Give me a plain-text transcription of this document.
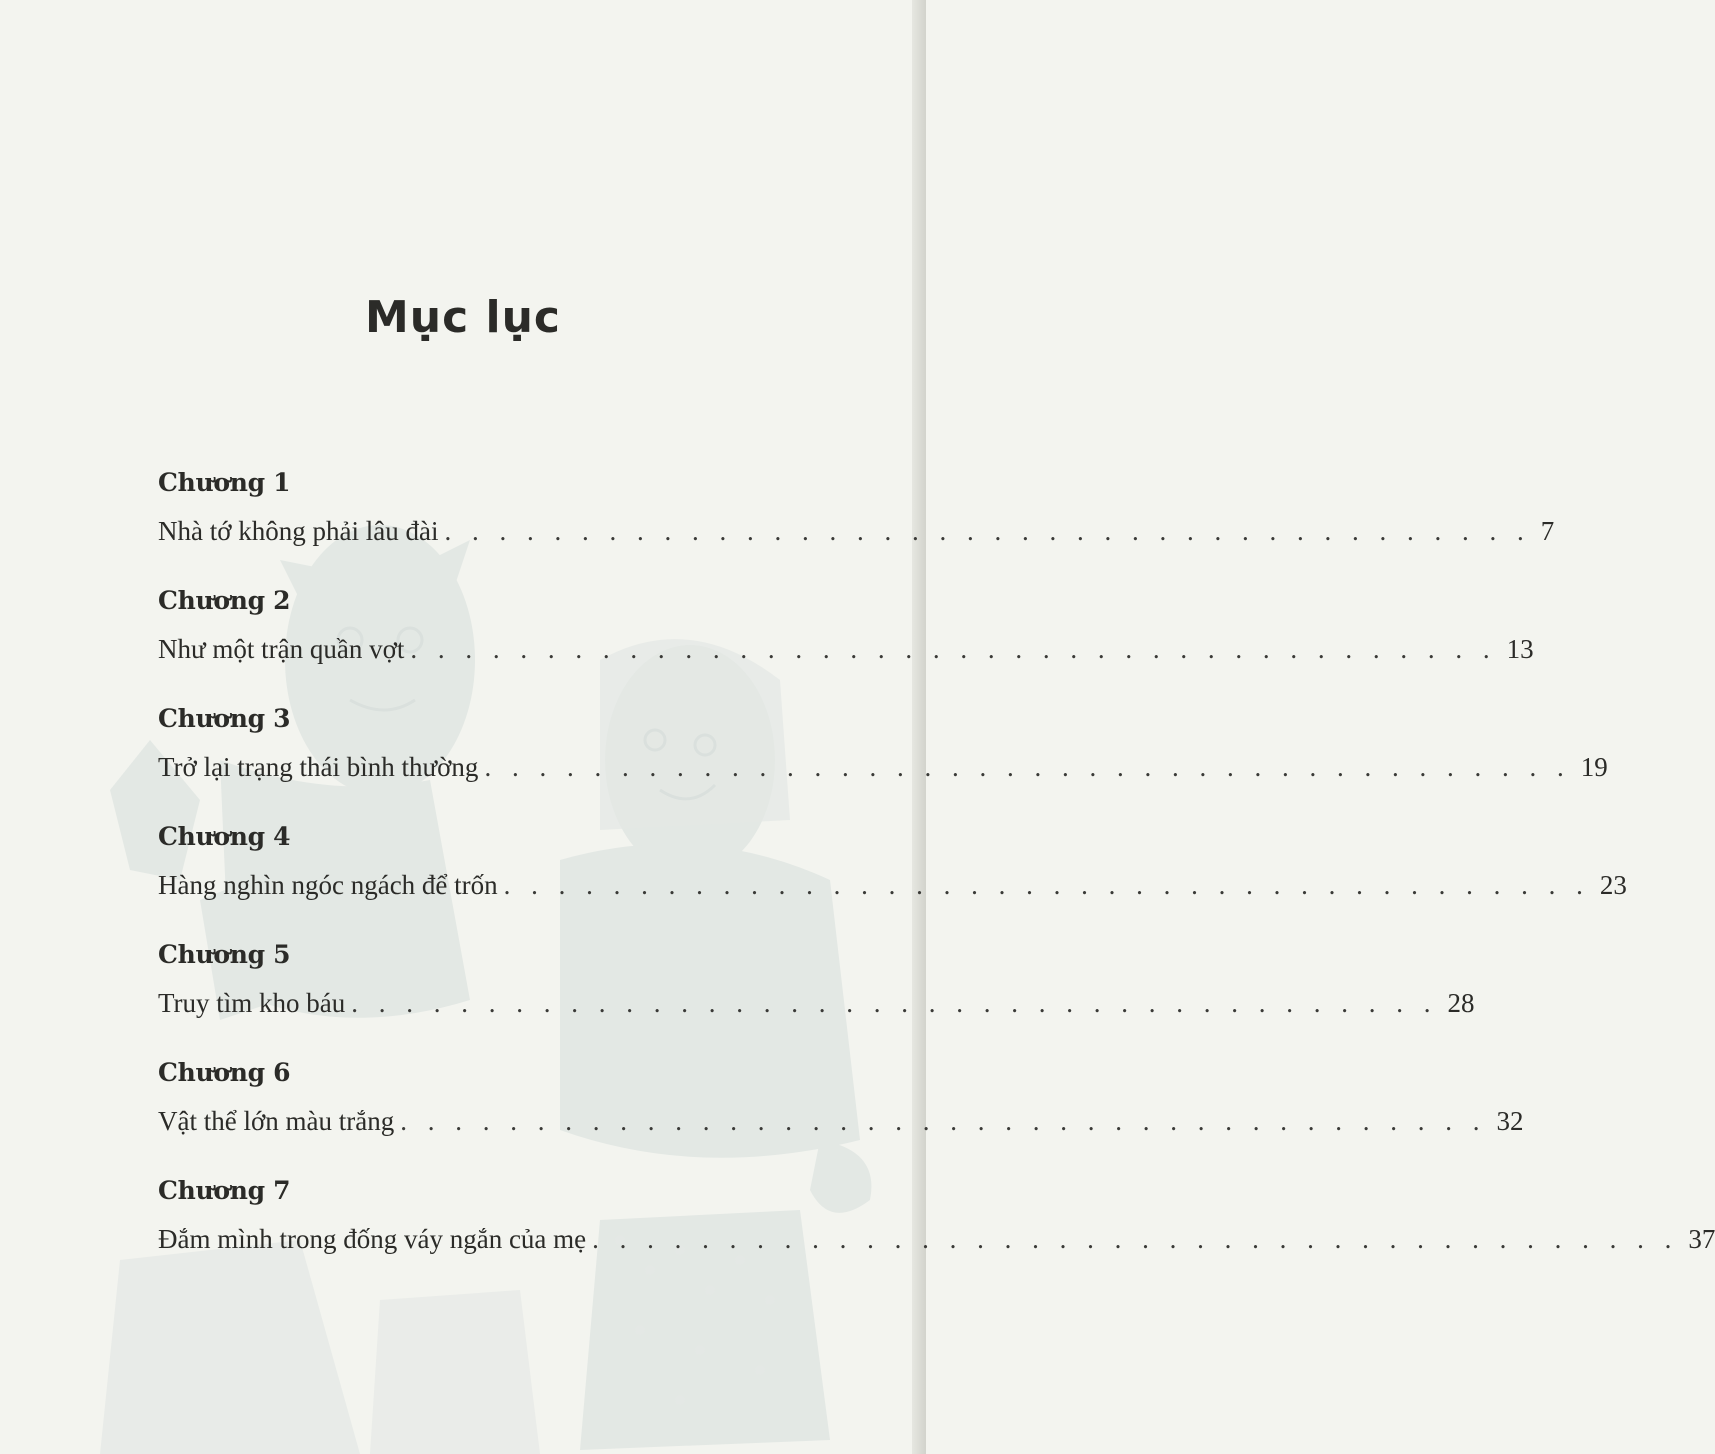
Mục lục
Chương 1
Nhà tớ không phải lâu đài . . . . . . . . . . . . . . . . . . . . . . . . . . . . . . . . . . . . . . . . 7
Chương 2
Như một trận quần vợt . . . . . . . . . . . . . . . . . . . . . . . . . . . . . . . . . . . . . . . . 13
Chương 3
Trở lại trạng thái bình thường . . . . . . . . . . . . . . . . . . . . . . . . . . . . . . . . . . . . . . . . 19
Chương 4
Hàng nghìn ngóc ngách để trốn . . . . . . . . . . . . . . . . . . . . . . . . . . . . . . . . . . . . . . . . 23
Chương 5
Truy tìm kho báu . . . . . . . . . . . . . . . . . . . . . . . . . . . . . . . . . . . . . . . . 28
Chương 6
Vật thể lớn màu trắng . . . . . . . . . . . . . . . . . . . . . . . . . . . . . . . . . . . . . . . . 32
Chương 7
Đắm mình trong đống váy ngắn của mẹ . . . . . . . . . . . . . . . . . . . . . . . . . . . . . . . . . . . . . . . . 37
